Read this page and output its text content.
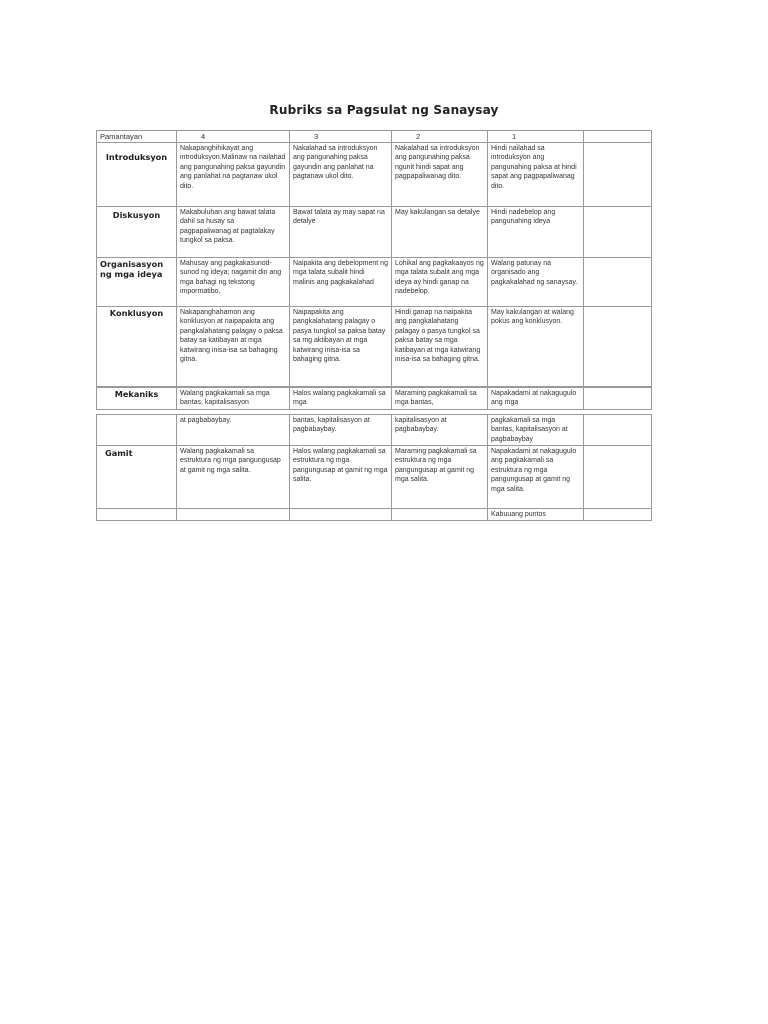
Rubriks sa Pagsulat ng Sanaysay
Pamantayan	4	3	2	1	
Introduksyon	Nakapanghihikayat ang introduksyon.Malinaw na nailahad ang pangunahing paksa gayundin ang panlahat na pagtanaw ukol dito.	Nakalahad sa introduksyon ang pangunahing paksa gayundin ang panlahat na pagtanaw ukol dito.	Nakalahad sa introduksyon ang pangunahing paksa ngunit hindi sapat ang pagpapaliwanag dito.	Hindi nailahad sa introduksyon ang pangunahing paksa at hindi sapat ang pagpapaliwanag dito.	
Diskusyon	Makabuluhan ang bawat talata dahil sa husay sa pagpapaliwanag at pagtalakay tungkol sa paksa.	Bawat talata ay may sapat na detalye	May kakulangan sa detalye	Hindi nadebelop ang pangunahing ideya	
Organisasyon ng mga ideya	Mahusay ang pagkakasunod-sunod ng ideya; nagamit din ang mga bahagi ng tekstong impormatibo.	Naipakita ang debelopment ng mga talata subalit hindi malinis ang pagkakalahad	Lohikal ang pagkakaayos ng mga talata subalit ang mga ideya ay hindi ganap na nadebelop.	Walang patunay na organisado ang pagkakalahad ng sanaysay.	
Konklusyon	Nakapanghahamon ang konklusyon at naipapakita ang pangkalahatang palagay o paksa batay sa katibayan at mga katwirang inisa-isa sa bahaging gitna.	Naipapakita ang pangkalahatang palagay o pasya tungkol sa paksa batay sa mg aktibayan at mga katwirang inisa-isa sa bahaging gitna.	Hindi ganap na naipakita ang pangkalahatang palagay o pasya tungkol sa paksa batay sa mga katibayan at mga katwirang inisa-isa sa bahaging gitna.	May kakulangan at walang pokus ang konklusyon.	
Mekaniks	Walang pagkakamali sa mga bantas, kapitalisasyon	Halos walang pagkakamali sa mga	Maraming pagkakamali sa mga bantas,	Napakadami at nakagugulo ang mga	
	at pagbabaybay.	bantas, kapitalisasyon at pagbabaybay.	kapitalisasyon at pagbabaybay.	pagkakamali sa mga bantas, kapitalisasyon at pagbabaybay	
Gamit	Walang pagkakamali sa estruktura ng mga pangungusap at gamit ng mga salita.	Halos walang pagkakamali sa estruktura ng mga pangungusap at gamit ng mga salita.	Maraming pagkakamali sa estruktura ng mga pangungusap at gamit ng mga salita.	Napakadami at nakagugulo ang pagkakamali sa estruktura ng mga pangungusap at gamit ng mga salita.	
				Kabuuang puntos	
